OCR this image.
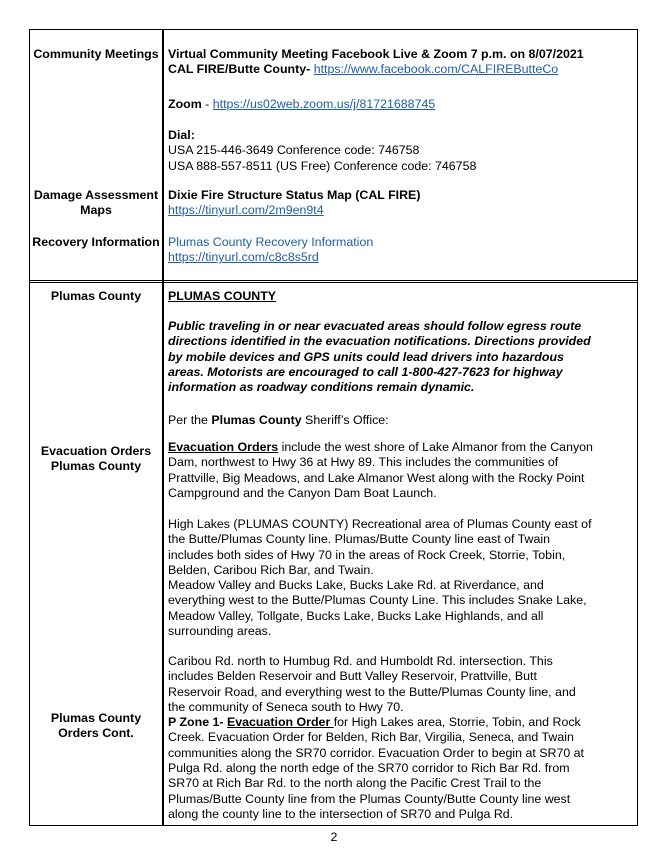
Community Meetings
Damage Assessment Maps
Recovery Information
Plumas County
Evacuation Orders Plumas County
Plumas County Orders Cont.
Virtual Community Meeting Facebook Live & Zoom 7 p.m. on 8/07/2021
CAL FIRE/Butte County- https://www.facebook.com/CALFIREButteCo
Zoom - https://us02web.zoom.us/j/81721688745
Dial:
USA 215-446-3649 Conference code: 746758
USA 888-557-8511 (US Free) Conference code: 746758
Dixie Fire Structure Status Map (CAL FIRE)
https://tinyurl.com/2m9en9t4
Plumas County Recovery Information
https://tinyurl.com/c8c8s5rd
PLUMAS COUNTY
Public traveling in or near evacuated areas should follow egress route
directions identified in the evacuation notifications. Directions provided
by mobile devices and GPS units could lead drivers into hazardous
areas. Motorists are encouraged to call 1-800-427-7623 for highway
information as roadway conditions remain dynamic.
Per the Plumas County Sheriff’s Office:
Evacuation Orders include the west shore of Lake Almanor from the Canyon
Dam, northwest to Hwy 36 at Hwy 89. This includes the communities of
Prattville, Big Meadows, and Lake Almanor West along with the Rocky Point
Campground and the Canyon Dam Boat Launch.
High Lakes (PLUMAS COUNTY) Recreational area of Plumas County east of
the Butte/Plumas County line. Plumas/Butte County line east of Twain
includes both sides of Hwy 70 in the areas of Rock Creek, Storrie, Tobin,
Belden, Caribou Rich Bar, and Twain.
Meadow Valley and Bucks Lake, Bucks Lake Rd. at Riverdance, and
everything west to the Butte/Plumas County Line. This includes Snake Lake,
Meadow Valley, Tollgate, Bucks Lake, Bucks Lake Highlands, and all
surrounding areas.
Caribou Rd. north to Humbug Rd. and Humboldt Rd. intersection. This
includes Belden Reservoir and Butt Valley Reservoir, Prattville, Butt
Reservoir Road, and everything west to the Butte/Plumas County line, and
the community of Seneca south to Hwy 70.
P Zone 1- Evacuation Order for High Lakes area, Storrie, Tobin, and Rock
Creek. Evacuation Order for Belden, Rich Bar, Virgilia, Seneca, and Twain
communities along the SR70 corridor. Evacuation Order to begin at SR70 at
Pulga Rd. along the north edge of the SR70 corridor to Rich Bar Rd. from
SR70 at Rich Bar Rd. to the north along the Pacific Crest Trail to the
Plumas/Butte County line from the Plumas County/Butte County line west
along the county line to the intersection of SR70 and Pulga Rd.
2
